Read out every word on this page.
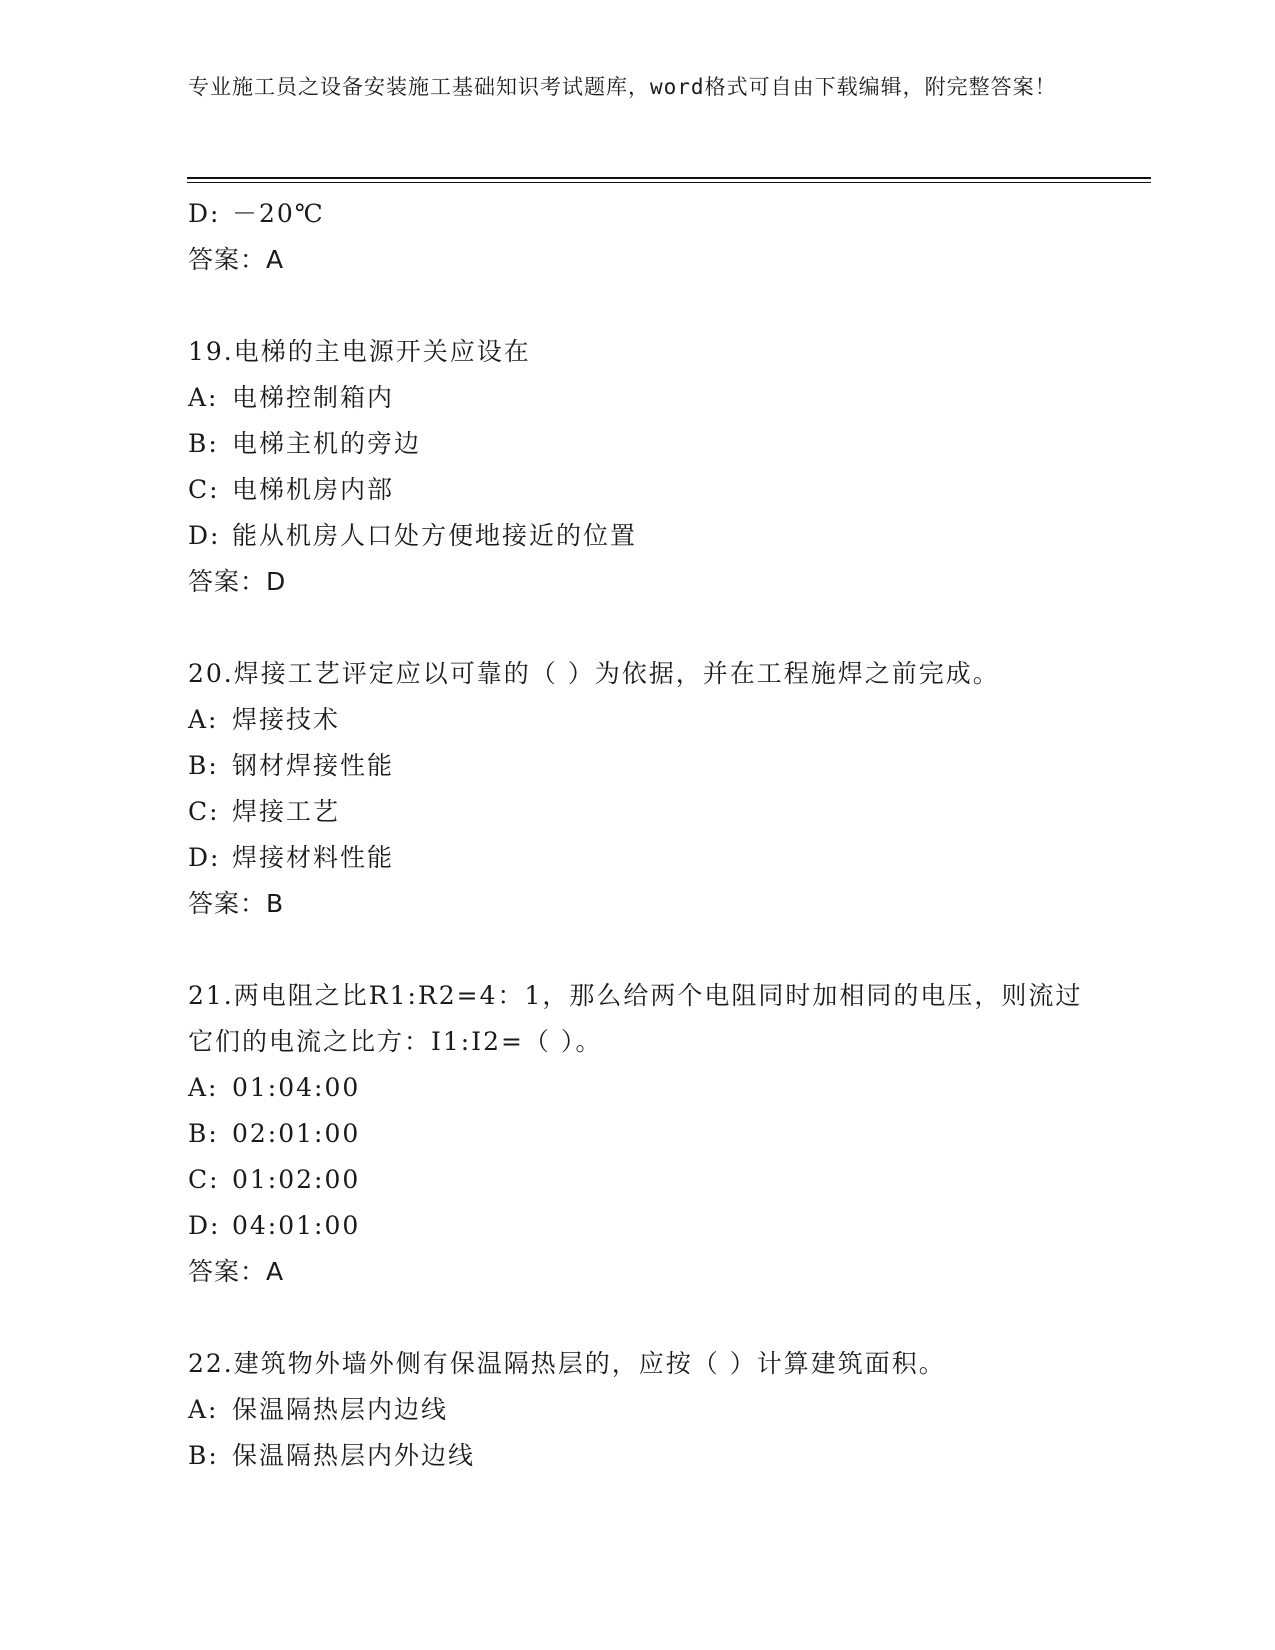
专业施工员之设备安装施工基础知识考试题库，word格式可自由下载编辑，附完整答案！
D: －20℃
答案：A
19.电梯的主电源开关应设在
A: 电梯控制箱内
B: 电梯主机的旁边
C: 电梯机房内部
D: 能从机房人口处方便地接近的位置
答案：D
20.焊接工艺评定应以可靠的（ ）为依据，并在工程施焊之前完成。
A: 焊接技术
B: 钢材焊接性能
C: 焊接工艺
D: 焊接材料性能
答案：B
21.两电阻之比R1:R2=4：1，那么给两个电阻同时加相同的电压，则流过它们的电流之比方：I1:I2=（ ）。
A: 01:04:00
B: 02:01:00
C: 01:02:00
D: 04:01:00
答案：A
22.建筑物外墙外侧有保温隔热层的，应按（ ）计算建筑面积。
A: 保温隔热层内边线
B: 保温隔热层内外边线
